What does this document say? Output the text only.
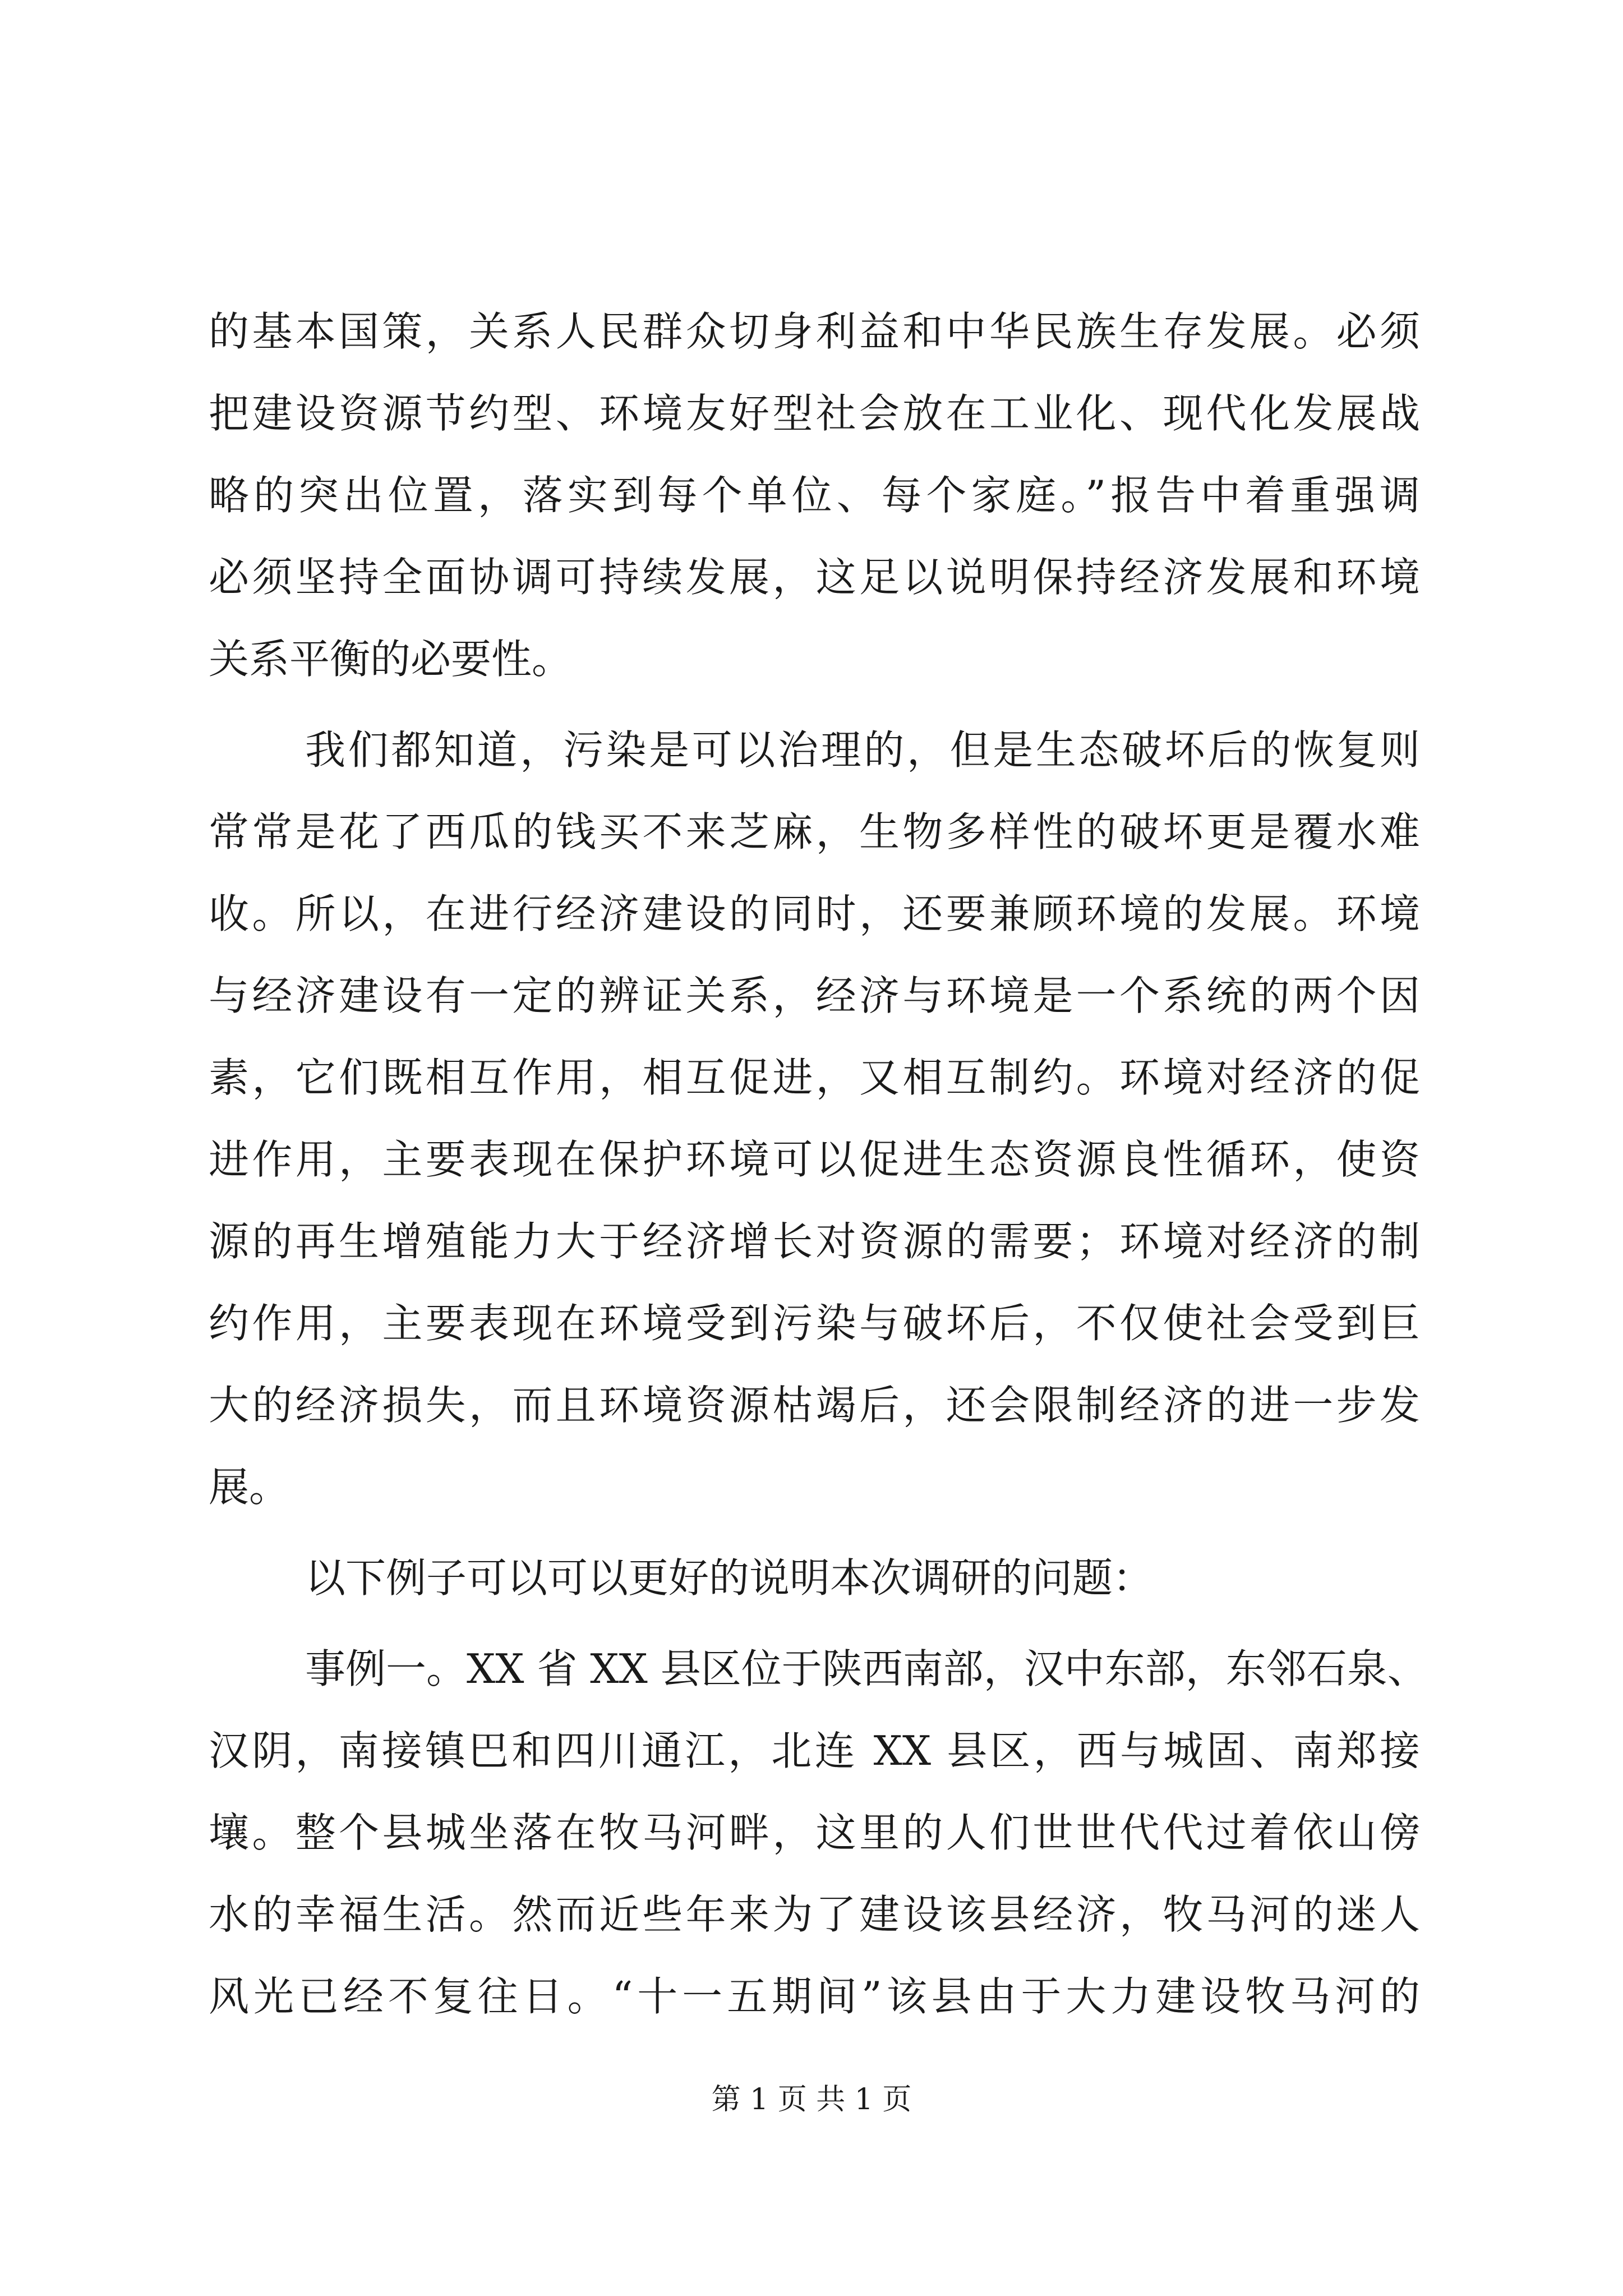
的基本国策，关系人民群众切身利益和中华民族生存发展。必须
把建设资源节约型、环境友好型社会放在工业化、现代化发展战
略的突出位置，落实到每个单位、每个家庭。”报告中着重强调
必须坚持全面协调可持续发展，这足以说明保持经济发展和环境
关系平衡的必要性。
我们都知道，污染是可以治理的，但是生态破坏后的恢复则
常常是花了西瓜的钱买不来芝麻，生物多样性的破坏更是覆水难
收。所以，在进行经济建设的同时，还要兼顾环境的发展。环境
与经济建设有一定的辨证关系，经济与环境是一个系统的两个因
素，它们既相互作用，相互促进，又相互制约。环境对经济的促
进作用，主要表现在保护环境可以促进生态资源良性循环，使资
源的再生增殖能力大于经济增长对资源的需要；环境对经济的制
约作用，主要表现在环境受到污染与破坏后，不仅使社会受到巨
大的经济损失，而且环境资源枯竭后，还会限制经济的进一步发
展。
以下例子可以可以更好的说明本次调研的问题：
事例一。XX 省 XX 县区位于陕西南部，汉中东部，东邻石泉、
汉阴，南接镇巴和四川通江，北连 XX 县区，西与城固、南郑接
壤。整个县城坐落在牧马河畔，这里的人们世世代代过着依山傍
水的幸福生活。然而近些年来为了建设该县经济，牧马河的迷人
风光已经不复往日。“十一五期间”该县由于大力建设牧马河的
第 1 页 共 1 页
